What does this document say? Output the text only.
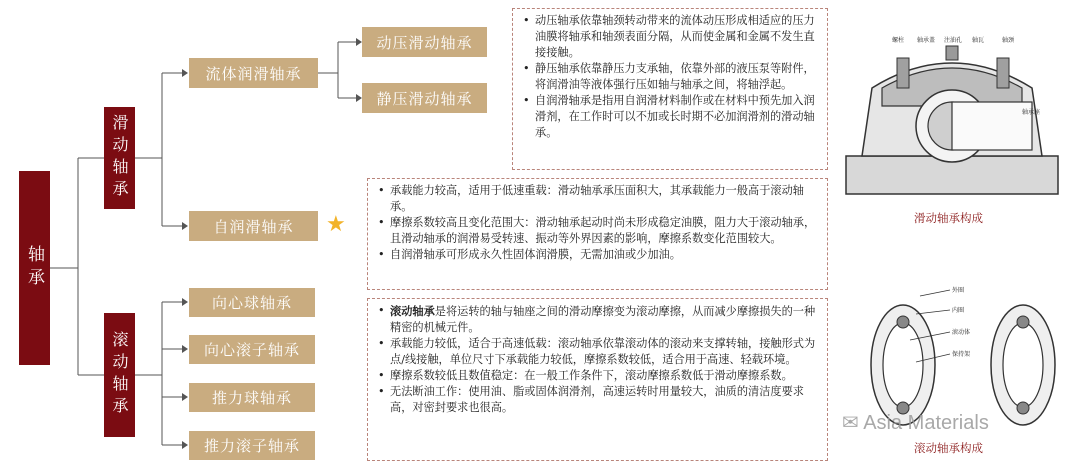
轴承
滑动轴承
流体润滑轴承
动压滑动轴承
静压滑动轴承
自润滑轴承	★
滚动轴承
向心球轴承
向心滚子轴承
推力球轴承
推力滚子轴承
• 动压轴承依靠轴颈转动带来的流体动压形成相适应的压力油膜将轴承和轴颈表面分隔，从而使金属和金属不发生直接接触。
• 静压轴承依靠静压力支承轴，依靠外部的液压泵等附件，将润滑油等液体强行压如轴与轴承之间，将轴浮起。
• 自润滑轴承是指用自润滑材料制作或在材料中预先加入润滑剂，在工作时可以不加或长时期不必加润滑剂的滑动轴承。
• 承载能力较高，适用于低速重载：滑动轴承承压面积大，其承载能力一般高于滚动轴承。
• 摩擦系数较高且变化范围大：滑动轴承起动时尚未形成稳定油膜，阻力大于滚动轴承，且滑动轴承的润滑易受转速、振动等外界因素的影响，摩擦系数变化范围较大。
• 自润滑轴承可形成永久性固体润滑膜，无需加油或少加油。
• 滚动轴承是将运转的轴与轴座之间的滑动摩擦变为滚动摩擦，从而减少摩擦损失的一种精密的机械元件。
• 承载能力较低，适合于高速低载：滚动轴承依靠滚动体的滚动来支撑转轴，接触形式为点/线接触，单位尺寸下承载能力较低，摩擦系数较低，适合用于高速、轻载环境。
• 摩擦系数较低且数值稳定：在一般工作条件下，滚动摩擦系数低于滑动摩擦系数。
• 无法断油工作：使用油、脂或固体润滑剂，高速运转时用量较大，油质的清洁度要求高，对密封要求也很高。
螺柱 轴承盖 注油孔 轴瓦	轴颈
轴承座
滑动轴承构成
外圈
内圈
滚动体
保持架
滚动轴承构成
✉ Asia Materials
